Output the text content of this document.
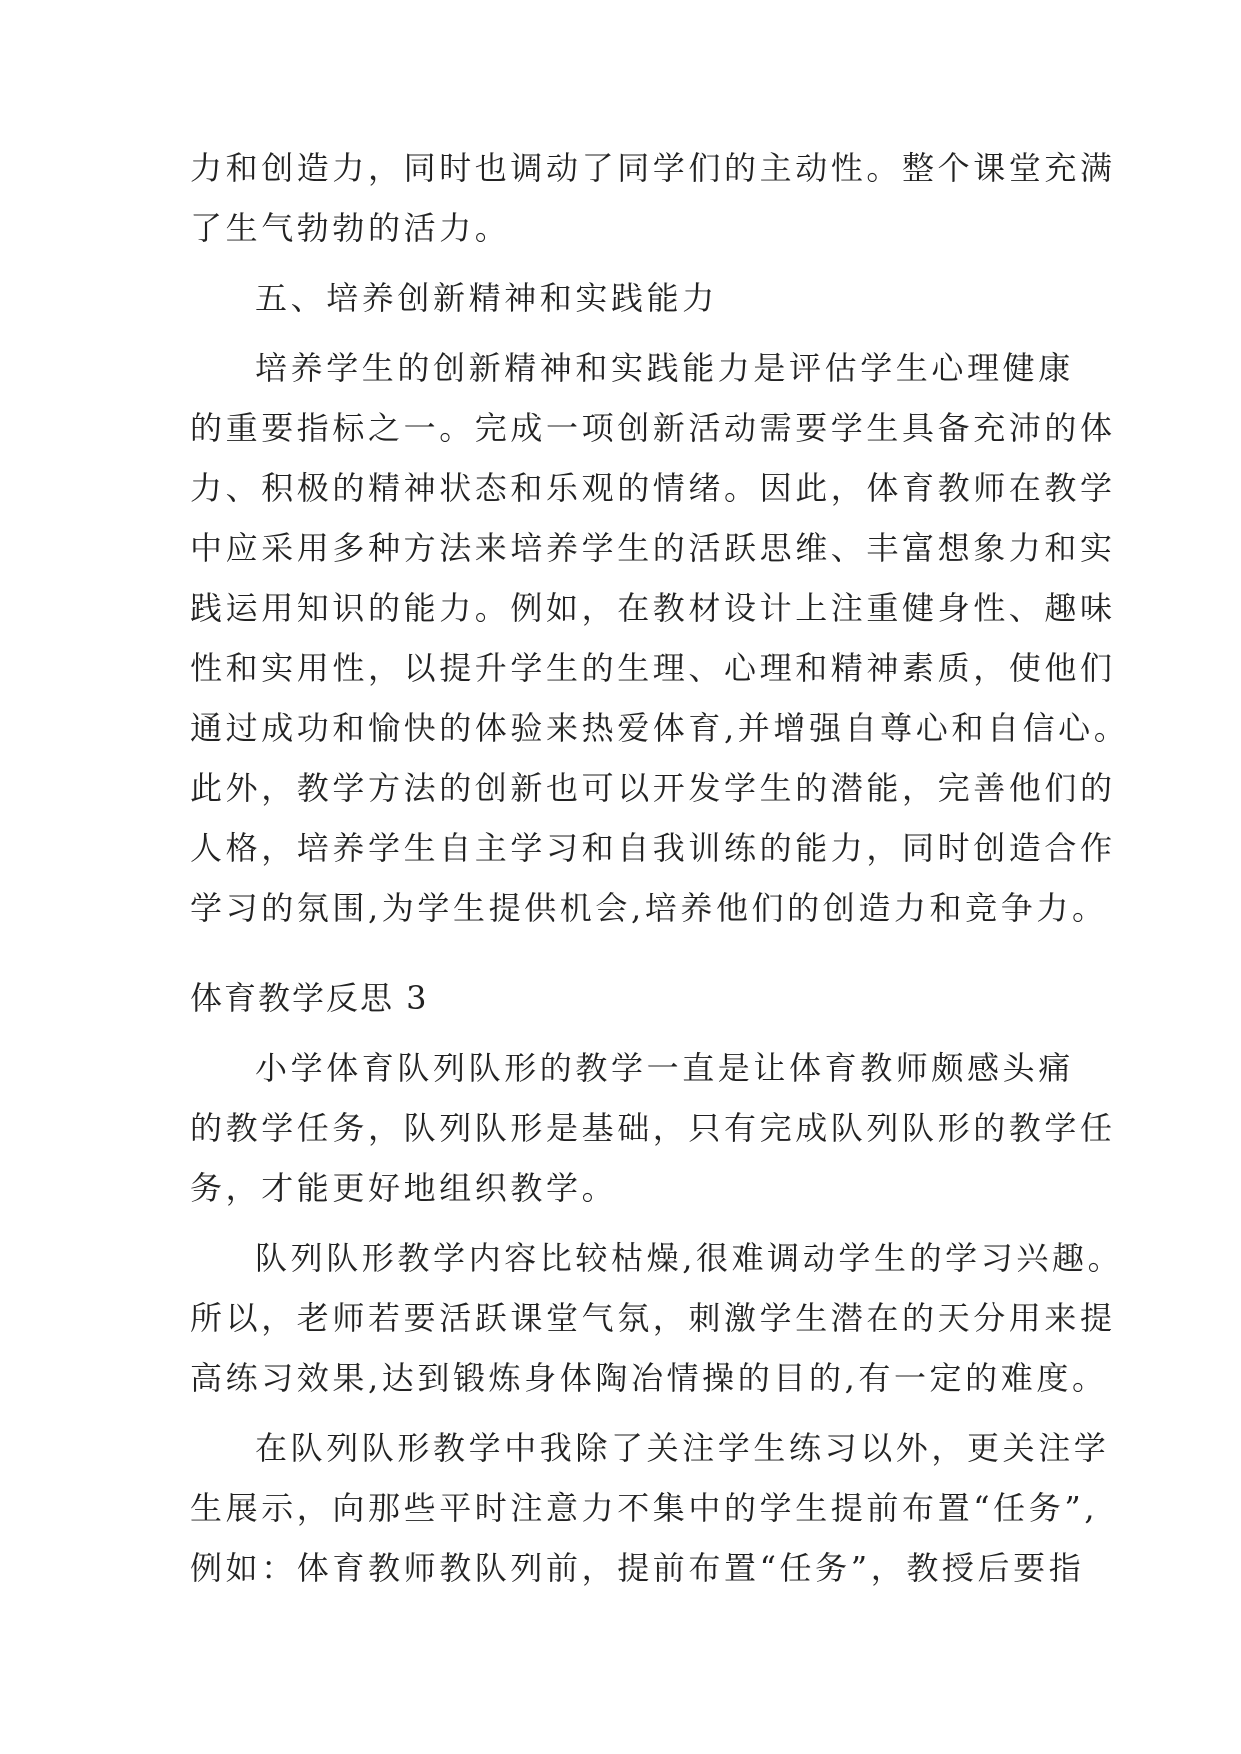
力和创造力，同时也调动了同学们的主动性。整个课堂充满
了生气勃勃的活力。
五、培养创新精神和实践能力
培养学生的创新精神和实践能力是评估学生心理健康
的重要指标之一。完成一项创新活动需要学生具备充沛的体
力、积极的精神状态和乐观的情绪。因此，体育教师在教学
中应采用多种方法来培养学生的活跃思维、丰富想象力和实
践运用知识的能力。例如，在教材设计上注重健身性、趣味
性和实用性，以提升学生的生理、心理和精神素质，使他们
通过成功和愉快的体验来热爱体育,并增强自尊心和自信心。
此外，教学方法的创新也可以开发学生的潜能，完善他们的
人格，培养学生自主学习和自我训练的能力，同时创造合作
学习的氛围,为学生提供机会,培养他们的创造力和竞争力。
体育教学反思 3
小学体育队列队形的教学一直是让体育教师颇感头痛
的教学任务，队列队形是基础，只有完成队列队形的教学任
务，才能更好地组织教学。
队列队形教学内容比较枯燥,很难调动学生的学习兴趣。
所以，老师若要活跃课堂气氛，刺激学生潜在的天分用来提
高练习效果,达到锻炼身体陶冶情操的目的,有一定的难度。
在队列队形教学中我除了关注学生练习以外，更关注学
生展示，向那些平时注意力不集中的学生提前布置“任务”,
例如：体育教师教队列前，提前布置“任务”，教授后要指
